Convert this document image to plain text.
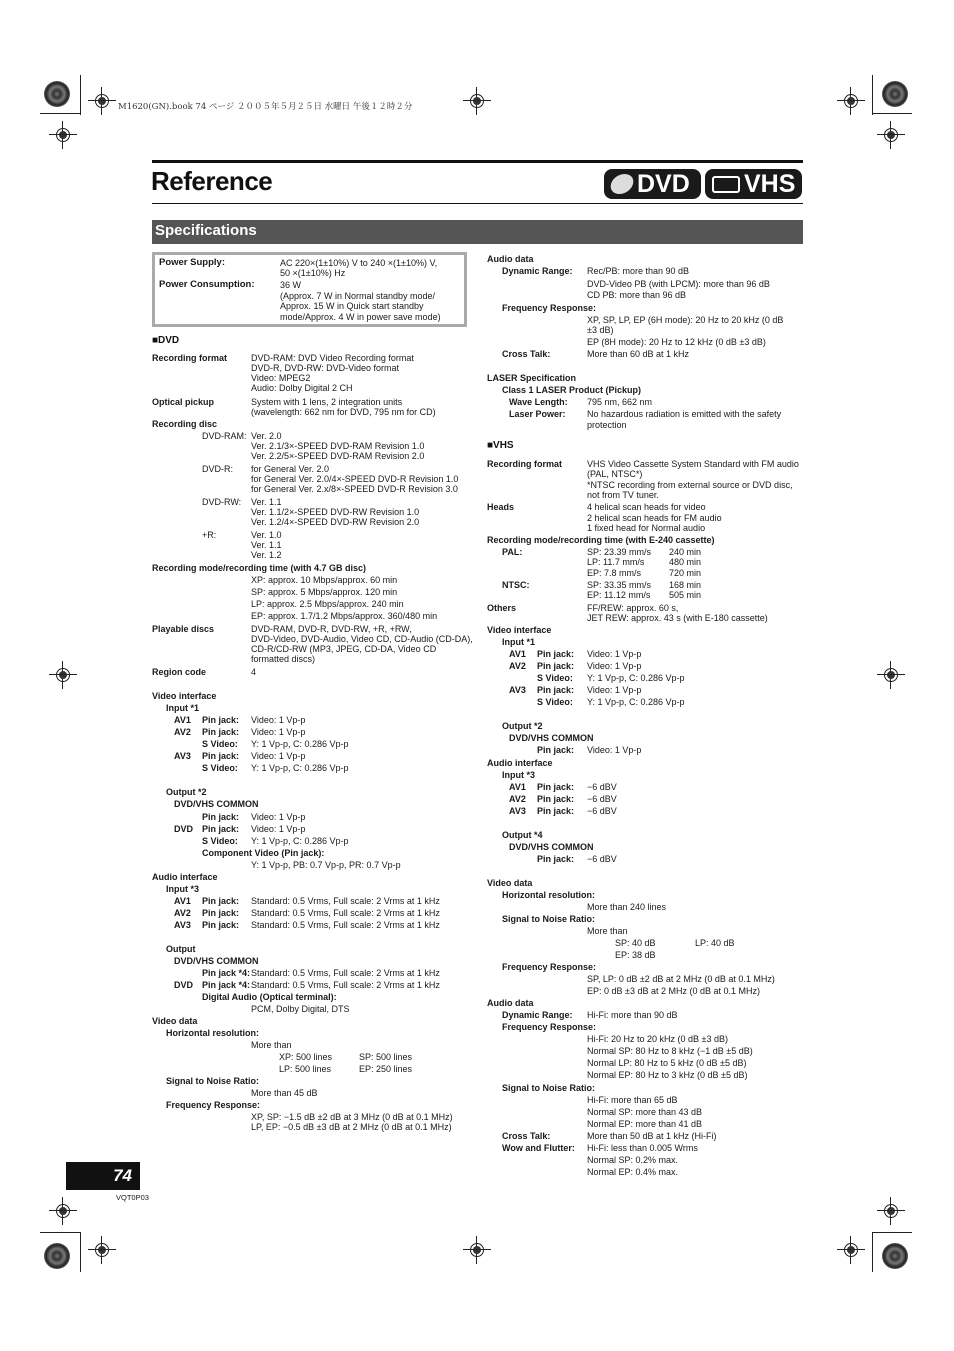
M1620(GN).book 74 ページ ２００５年５月２５日 水曜日 午後１２時２分
Reference	DVD VHS
Specifications
Power Supply:	AC 220×(1±10%) V to 240 ×(1±10%) V,
50 ×(1±10%) Hz
Power Consumption:	36 W
(Approx. 7 W in Normal standby mode/
Approx. 15 W in Quick start standby
mode/Approx. 4 W in power save mode)
■DVD
■VHS
Recording format	DVD-RAM: DVD Video Recording format
DVD-R, DVD-RW: DVD-Video format
Video: MPEG2
Audio: Dolby Digital 2 CH
Optical pickup	System with 1 lens, 2 integration units
(wavelength: 662 nm for DVD, 795 nm for CD)
Recording disc
DVD-RAM: Ver. 2.0
Ver. 2.1/3×-SPEED DVD-RAM Revision 1.0
Ver. 2.2/5×-SPEED DVD-RAM Revision 2.0
DVD-R: for General Ver. 2.0
for General Ver. 2.0/4×-SPEED DVD-R Revision 1.0
for General Ver. 2.x/8×-SPEED DVD-R Revision 3.0
DVD-RW: Ver. 1.1
Ver. 1.1/2×-SPEED DVD-RW Revision 1.0
Ver. 1.2/4×-SPEED DVD-RW Revision 2.0
+R:	Ver. 1.0
Ver. 1.1
Ver. 1.2
Recording mode/recording time (with 4.7 GB disc)
XP: approx. 10 Mbps/approx. 60 min
SP: approx. 5 Mbps/approx. 120 min
LP: approx. 2.5 Mbps/approx. 240 min
EP: approx. 1.7/1.2 Mbps/approx. 360/480 min
Playable discs	DVD-RAM, DVD-R, DVD-RW, +R, +RW,
DVD-Video, DVD-Audio, Video CD, CD-Audio (CD-DA),
CD-R/CD-RW (MP3, JPEG, CD-DA, Video CD
formatted discs)
Region code	4
Video interface
Input *1
AV1 Pin jack: Video: 1 Vp-p
AV2 Pin jack: Video: 1 Vp-p
S Video: Y: 1 Vp-p, C: 0.286 Vp-p
AV3 Pin jack: Video: 1 Vp-p
S Video: Y: 1 Vp-p, C: 0.286 Vp-p
Output *2
DVD/VHS COMMON
Pin jack: Video: 1 Vp-p
DVD Pin jack: Video: 1 Vp-p
S Video: Y: 1 Vp-p, C: 0.286 Vp-p
Component Video (Pin jack):
Y: 1 Vp-p, PB: 0.7 Vp-p, PR: 0.7 Vp-p
Audio interface
Input *3
AV1 Pin jack: Standard: 0.5 Vrms, Full scale: 2 Vrms at 1 kHz
AV2 Pin jack: Standard: 0.5 Vrms, Full scale: 2 Vrms at 1 kHz
AV3 Pin jack: Standard: 0.5 Vrms, Full scale: 2 Vrms at 1 kHz
Output
DVD/VHS COMMON
Pin jack *4: Standard: 0.5 Vrms, Full scale: 2 Vrms at 1 kHz
DVD Pin jack *4: Standard: 0.5 Vrms, Full scale: 2 Vrms at 1 kHz
Digital Audio (Optical terminal):
PCM, Dolby Digital, DTS
Video data
Horizontal resolution:
More than
XP: 500 lines	SP: 500 lines
LP: 500 lines	EP: 250 lines
Signal to Noise Ratio:
More than 45 dB
Frequency Response:
XP, SP: −1.5 dB ±2 dB at 3 MHz (0 dB at 0.1 MHz)
LP, EP: −0.5 dB ±3 dB at 2 MHz (0 dB at 0.1 MHz)
Audio data
Dynamic Range: Rec/PB: more than 90 dB
DVD-Video PB (with LPCM): more than 96 dB
CD PB: more than 96 dB
Frequency Response:
XP, SP, LP, EP (6H mode): 20 Hz to 20 kHz (0 dB
±3 dB)
EP (8H mode): 20 Hz to 12 kHz (0 dB ±3 dB)
Cross Talk:	More than 60 dB at 1 kHz
LASER Specification
Class 1 LASER Product (Pickup)
Wave Length: 795 nm, 662 nm
Laser Power: No hazardous radiation is emitted with the safety
protection
Recording format	VHS Video Cassette System Standard with FM audio
(PAL, NTSC*)
*NTSC recording from external source or DVD disc,
not from TV tuner.
Heads	4 helical scan heads for video
2 helical scan heads for FM audio
1 fixed head for Normal audio
Recording mode/recording time (with E-240 cassette)
PAL:	SP: 23.39 mm/s 240 min
LP: 11.7 mm/s	480 min
EP: 7.8 mm/s	720 min
NTSC:	SP: 33.35 mm/s 168 min
EP: 11.12 mm/s 505 min
Others	FF/REW: approx. 60 s,
JET REW: approx. 43 s (with E-180 cassette)
Video interface
Input *1
AV1 Pin jack: Video: 1 Vp-p
AV2 Pin jack: Video: 1 Vp-p
S Video: Y: 1 Vp-p, C: 0.286 Vp-p
AV3 Pin jack: Video: 1 Vp-p
S Video: Y: 1 Vp-p, C: 0.286 Vp-p
Output *2
DVD/VHS COMMON
Pin jack: Video: 1 Vp-p
Audio interface
Input *3
AV1 Pin jack: −6 dBV
AV2 Pin jack: −6 dBV
AV3 Pin jack: −6 dBV
Output *4
DVD/VHS COMMON
Pin jack: −6 dBV
Video data
Horizontal resolution:
More than 240 lines
Signal to Noise Ratio:
More than
SP: 40 dB	LP: 40 dB
EP: 38 dB
Frequency Response:
SP, LP: 0 dB ±2 dB at 2 MHz (0 dB at 0.1 MHz)
EP: 0 dB ±3 dB at 2 MHz (0 dB at 0.1 MHz)
Audio data
Dynamic Range: Hi-Fi: more than 90 dB
Frequency Response:
Hi-Fi: 20 Hz to 20 kHz (0 dB ±3 dB)
Normal SP: 80 Hz to 8 kHz (−1 dB ±5 dB)
Normal LP: 80 Hz to 5 kHz (0 dB ±5 dB)
Normal EP: 80 Hz to 3 kHz (0 dB ±5 dB)
Signal to Noise Ratio:
Hi-Fi: more than 65 dB
Normal SP: more than 43 dB
Normal EP: more than 41 dB
Cross Talk:	More than 50 dB at 1 kHz (Hi-Fi)
Wow and Flutter: Hi-Fi: less than 0.005 Wrms
Normal SP: 0.2% max.
Normal EP: 0.4% max.
74
VQT0P03
